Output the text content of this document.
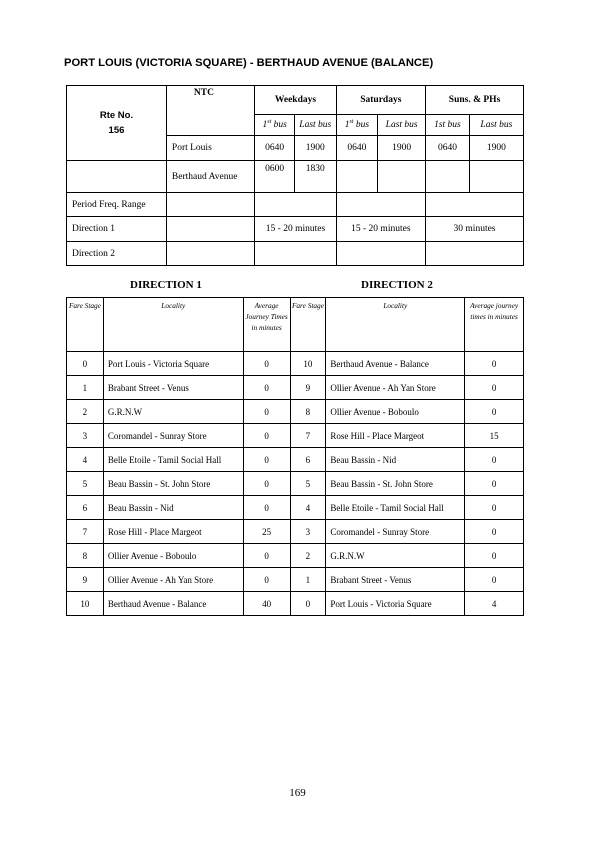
PORT LOUIS (VICTORIA SQUARE) - BERTHAUD AVENUE (BALANCE)
Rte No.
156	NTC	Weekdays		Saturdays		Suns. & PHs	
		1st bus	Last bus	1st bus	Last bus	1st bus	Last bus
	Port Louis	0640	1900	0640	1900	0640	1900
	Berthaud Avenue	0600	1830				
Period Freq. Range							
Direction 1		15 - 20 minutes		15 - 20 minutes		30 minutes	
Direction 2							
DIRECTION 1	DIRECTION 2
Fare Stage	Locality	Average Journey Times in minutes	Fare Stage	Locality	Average journey times in minutes
0	Port Louis - Victoria Square	0	10	Berthaud Avenue - Balance	0
1	Brabant Street - Venus	0	9	Ollier Avenue - Ah Yan Store	0
2	G.R.N.W	0	8	Ollier Avenue - Boboulo	0
3	Coromandel - Sunray Store	0	7	Rose Hill - Place Margeot	15
4	Belle Etoile - Tamil Social Hall	0	6	Beau Bassin - Nid	0
5	Beau Bassin - St. John Store	0	5	Beau Bassin - St. John Store	0
6	Beau Bassin - Nid	0	4	Belle Etoile - Tamil Social Hall	0
7	Rose Hill - Place Margeot	25	3	Coromandel - Sunray Store	0
8	Ollier Avenue - Boboulo	0	2	G.R.N.W	0
9	Ollier Avenue - Ah Yan Store	0	1	Brabant Street - Venus	0
10	Berthaud Avenue - Balance	40	0	Port Louis - Victoria Square	4
169
